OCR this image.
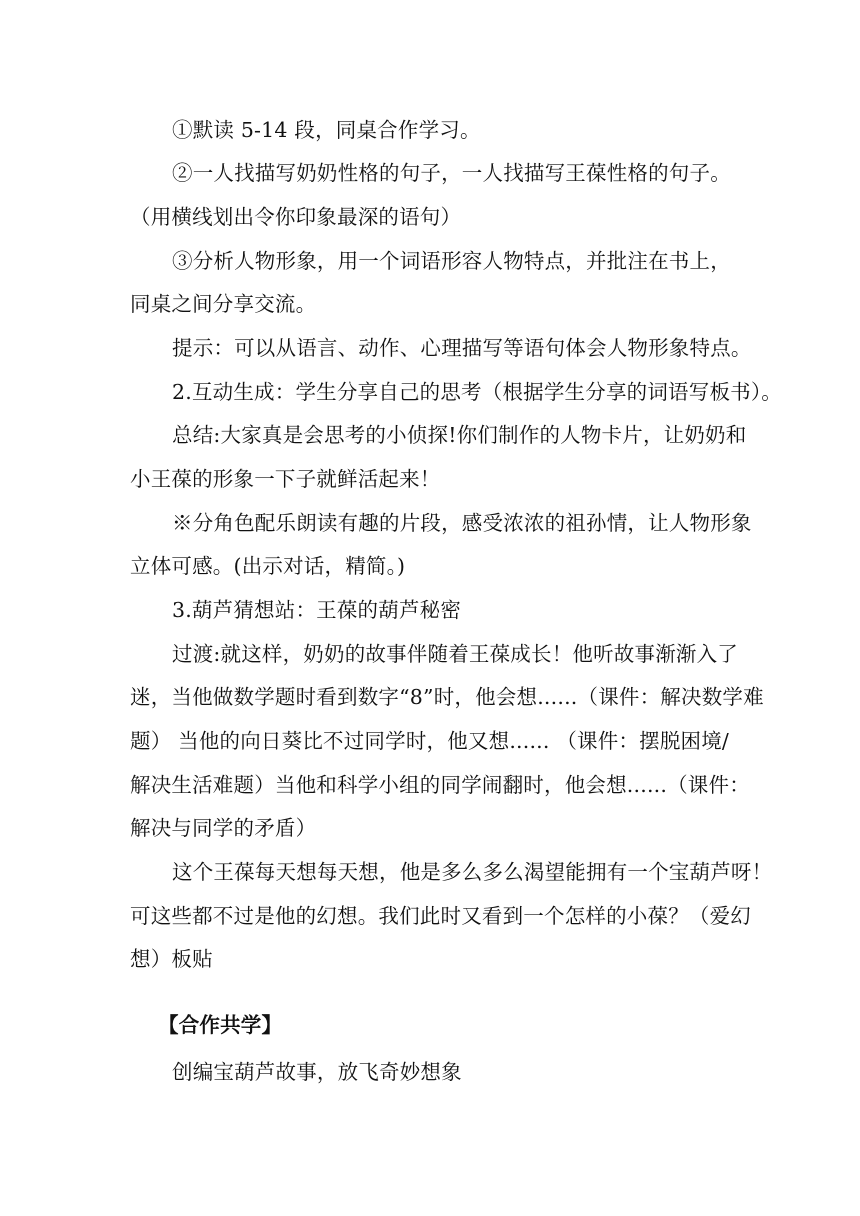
①默读 5-14 段，同桌合作学习。
②一人找描写奶奶性格的句子，一人找描写王葆性格的句子。
（用横线划出令你印象最深的语句）
③分析人物形象，用一个词语形容人物特点，并批注在书上，
同桌之间分享交流。
提示：可以从语言、动作、心理描写等语句体会人物形象特点。
2.互动生成：学生分享自己的思考（根据学生分享的词语写板书）。
总结:大家真是会思考的小侦探!你们制作的人物卡片，让奶奶和
小王葆的形象一下子就鲜活起来！
※分角色配乐朗读有趣的片段，感受浓浓的祖孙情，让人物形象
立体可感。(出示对话，精简。)
3.葫芦猜想站：王葆的葫芦秘密
过渡:就这样，奶奶的故事伴随着王葆成长！他听故事渐渐入了
迷，当他做数学题时看到数字“8”时，他会想......（课件：解决数学难
题） 当他的向日葵比不过同学时，他又想...... （课件：摆脱困境/
解决生活难题）当他和科学小组的同学闹翻时，他会想......（课件：
解决与同学的矛盾）
这个王葆每天想每天想，他是多么多么渴望能拥有一个宝葫芦呀！
可这些都不过是他的幻想。我们此时又看到一个怎样的小葆？（爱幻
想）板贴
【合作共学】
创编宝葫芦故事，放飞奇妙想象
